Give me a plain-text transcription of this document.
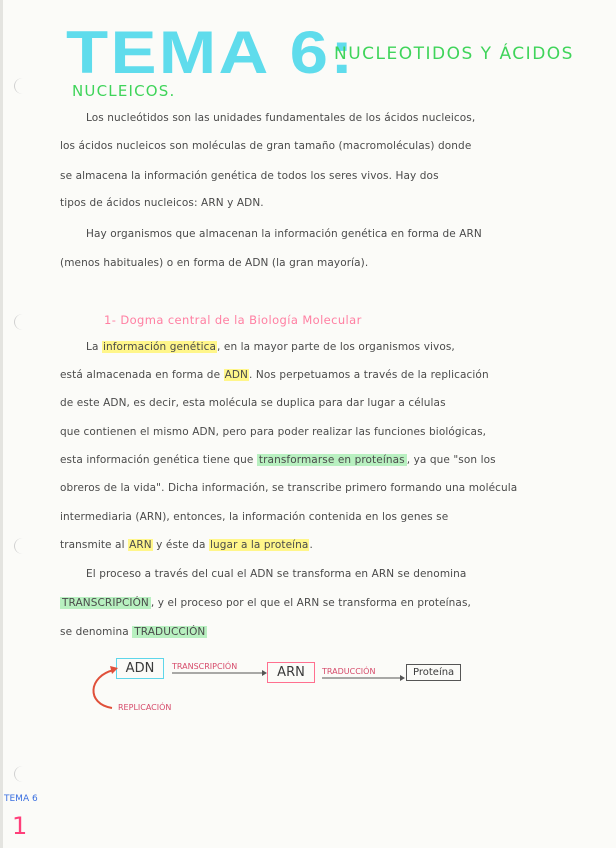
TEMA 6:
NUCLEOTIDOS Y ÁCIDOS
NUCLEICOS.
Los nucleótidos son las unidades fundamentales de los ácidos nucleicos,
los ácidos nucleicos son moléculas de gran tamaño (macromoléculas) donde
se almacena la información genética de todos los seres vivos. Hay dos
tipos de ácidos nucleicos: ARN y ADN.
Hay organismos que almacenan la información genética en forma de ARN
(menos habituales) o en forma de ADN (la gran mayoría).
1- Dogma central de la Biología Molecular
La información genética, en la mayor parte de los organismos vivos,
está almacenada en forma de ADN. Nos perpetuamos a través de la replicación
de este ADN, es decir, esta molécula se duplica para dar lugar a células
que contienen el mismo ADN, pero para poder realizar las funciones biológicas,
esta información genética tiene que transformarse en proteínas , ya que "son los
obreros de la vida". Dicha información, se transcribe primero formando una molécula
intermediaria (ARN), entonces, la información contenida en los genes se
transmite al ARN y éste da lugar a la proteína.
El proceso a través del cual el ADN se transforma en ARN se denomina
TRANSCRIPCIÓN , y el proceso por el que el ARN se transforma en proteínas,
se denomina TRADUCCIÓN
ADN	TRANSCRIPCIÓN	ARN	TRADUCCIÓN	Proteína
REPLICACIÓN
TEMA 6
1
